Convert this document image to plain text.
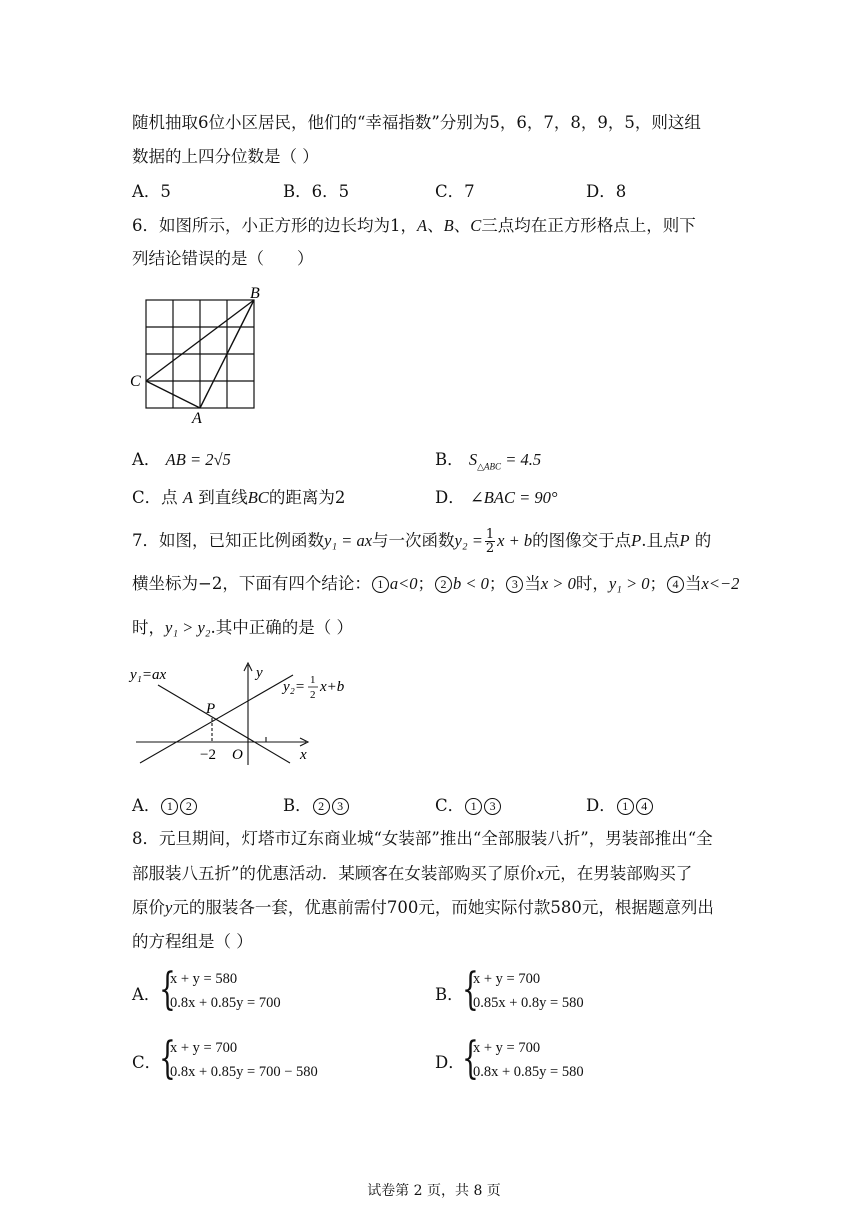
随机抽取6位小区居民，他们的“幸福指数”分别为5，6，7，8，9，5，则这组
数据的上四分位数是（ ）
A．5	B．6．5	C．7	D．8
6．如图所示，小正方形的边长均为1，A、B、C三点均在正方形格点上，则下
列结论错误的是（　　）
B
C
A
A． AB = 2√5	B． $S_{\triangle ABC} = 4.5$
C．点 A 到直线BC的距离为2	D． ∠BAC = 90°
7．如图，已知正比例函数y₁ = ax与一次函数$y_2 = \frac{1}{2}$ x + b的图像交于点P.且点P 的
横坐标为−2，下面有四个结论： 1 a<0； 2 b < 0； 3 当x > 0时，y₁ > 0； 4 当x<−2
时，y₁ > y₂.其中正确的是（ ）
y₁=ax	y
y₂= 1
2 x+b
P
−2 O	x
A． 1 2	B． 2 3	C． 1 3	D． 1 4
8．元旦期间，灯塔市辽东商业城“女装部”推出“全部服装八折”，男装部推出“全
部服装八五折”的优惠活动．某顾客在女装部购买了原价x元，在男装部购买了
原价y元的服装各一套，优惠前需付700元，而她实际付款580元，根据题意列出
的方程组是（ ）
A．
{
x + y = 580
0.8x + 0.85y = 700	B．
{
x + y = 700
0.85x + 0.8y = 580
C．
{
x + y = 700
0.8x + 0.85y = 700 − 580	D．
{
x + y = 700
0.8x + 0.85y = 580
试卷第 2 页，共 8 页
